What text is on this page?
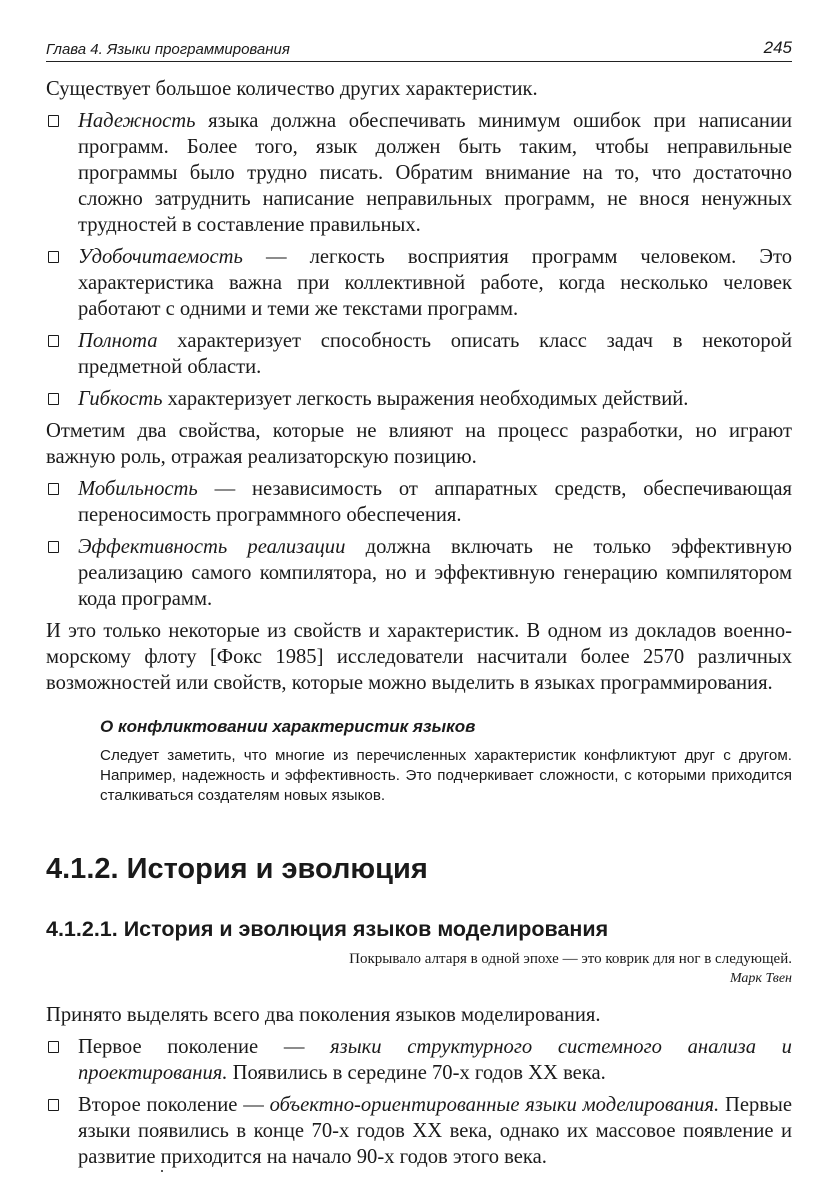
Глава 4. Языки программирования	245

Существует большое количество других характеристик.

Надежность языка должна обеспечивать минимум ошибок при написании программ. Более того, язык должен быть таким, чтобы неправильные программы было трудно писать. Обратим внимание на то, что достаточно сложно затруднить написание неправильных программ, не внося ненужных трудностей в составление правильных.
Удобочитаемость — легкость восприятия программ человеком. Это характеристика важна при коллективной работе, когда несколько человек работают с одними и теми же текстами программ.
Полнота характеризует способность описать класс задач в некоторой предметной области.
Гибкость характеризует легкость выражения необходимых действий.

Отметим два свойства, которые не влияют на процесс разработки, но играют важную роль, отражая реализаторскую позицию.

Мобильность — независимость от аппаратных средств, обеспечивающая переносимость программного обеспечения.
Эффективность реализации должна включать не только эффективную реализацию самого компилятора, но и эффективную генерацию компилятором кода программ.

И это только некоторые из свойств и характеристик. В одном из докладов военно-морскому флоту [Фокс 1985] исследователи насчитали более 2570 различных возможностей или свойств, которые можно выделить в языках программирования.

О конфликтовании характеристик языков
Следует заметить, что многие из перечисленных характеристик конфликтуют друг с другом. Например, надежность и эффективность. Это подчеркивает сложности, с которыми приходится сталкиваться создателям новых языков.
4.1.2. История и эволюция
4.1.2.1. История и эволюция языков моделирования
Покрывало алтаря в одной эпохе — это коврик для ног в следующей.
Марк Твен

Принято выделять всего два поколения языков моделирования.

Первое поколение — языки структурного системного анализа и проектирования. Появились в середине 70-х годов XX века.
Второе поколение — объектно-ориентированные языки моделирования. Первые языки появились в конце 70-х годов XX века, однако их массовое появление и развитие приходится на начало 90-х годов этого века.
